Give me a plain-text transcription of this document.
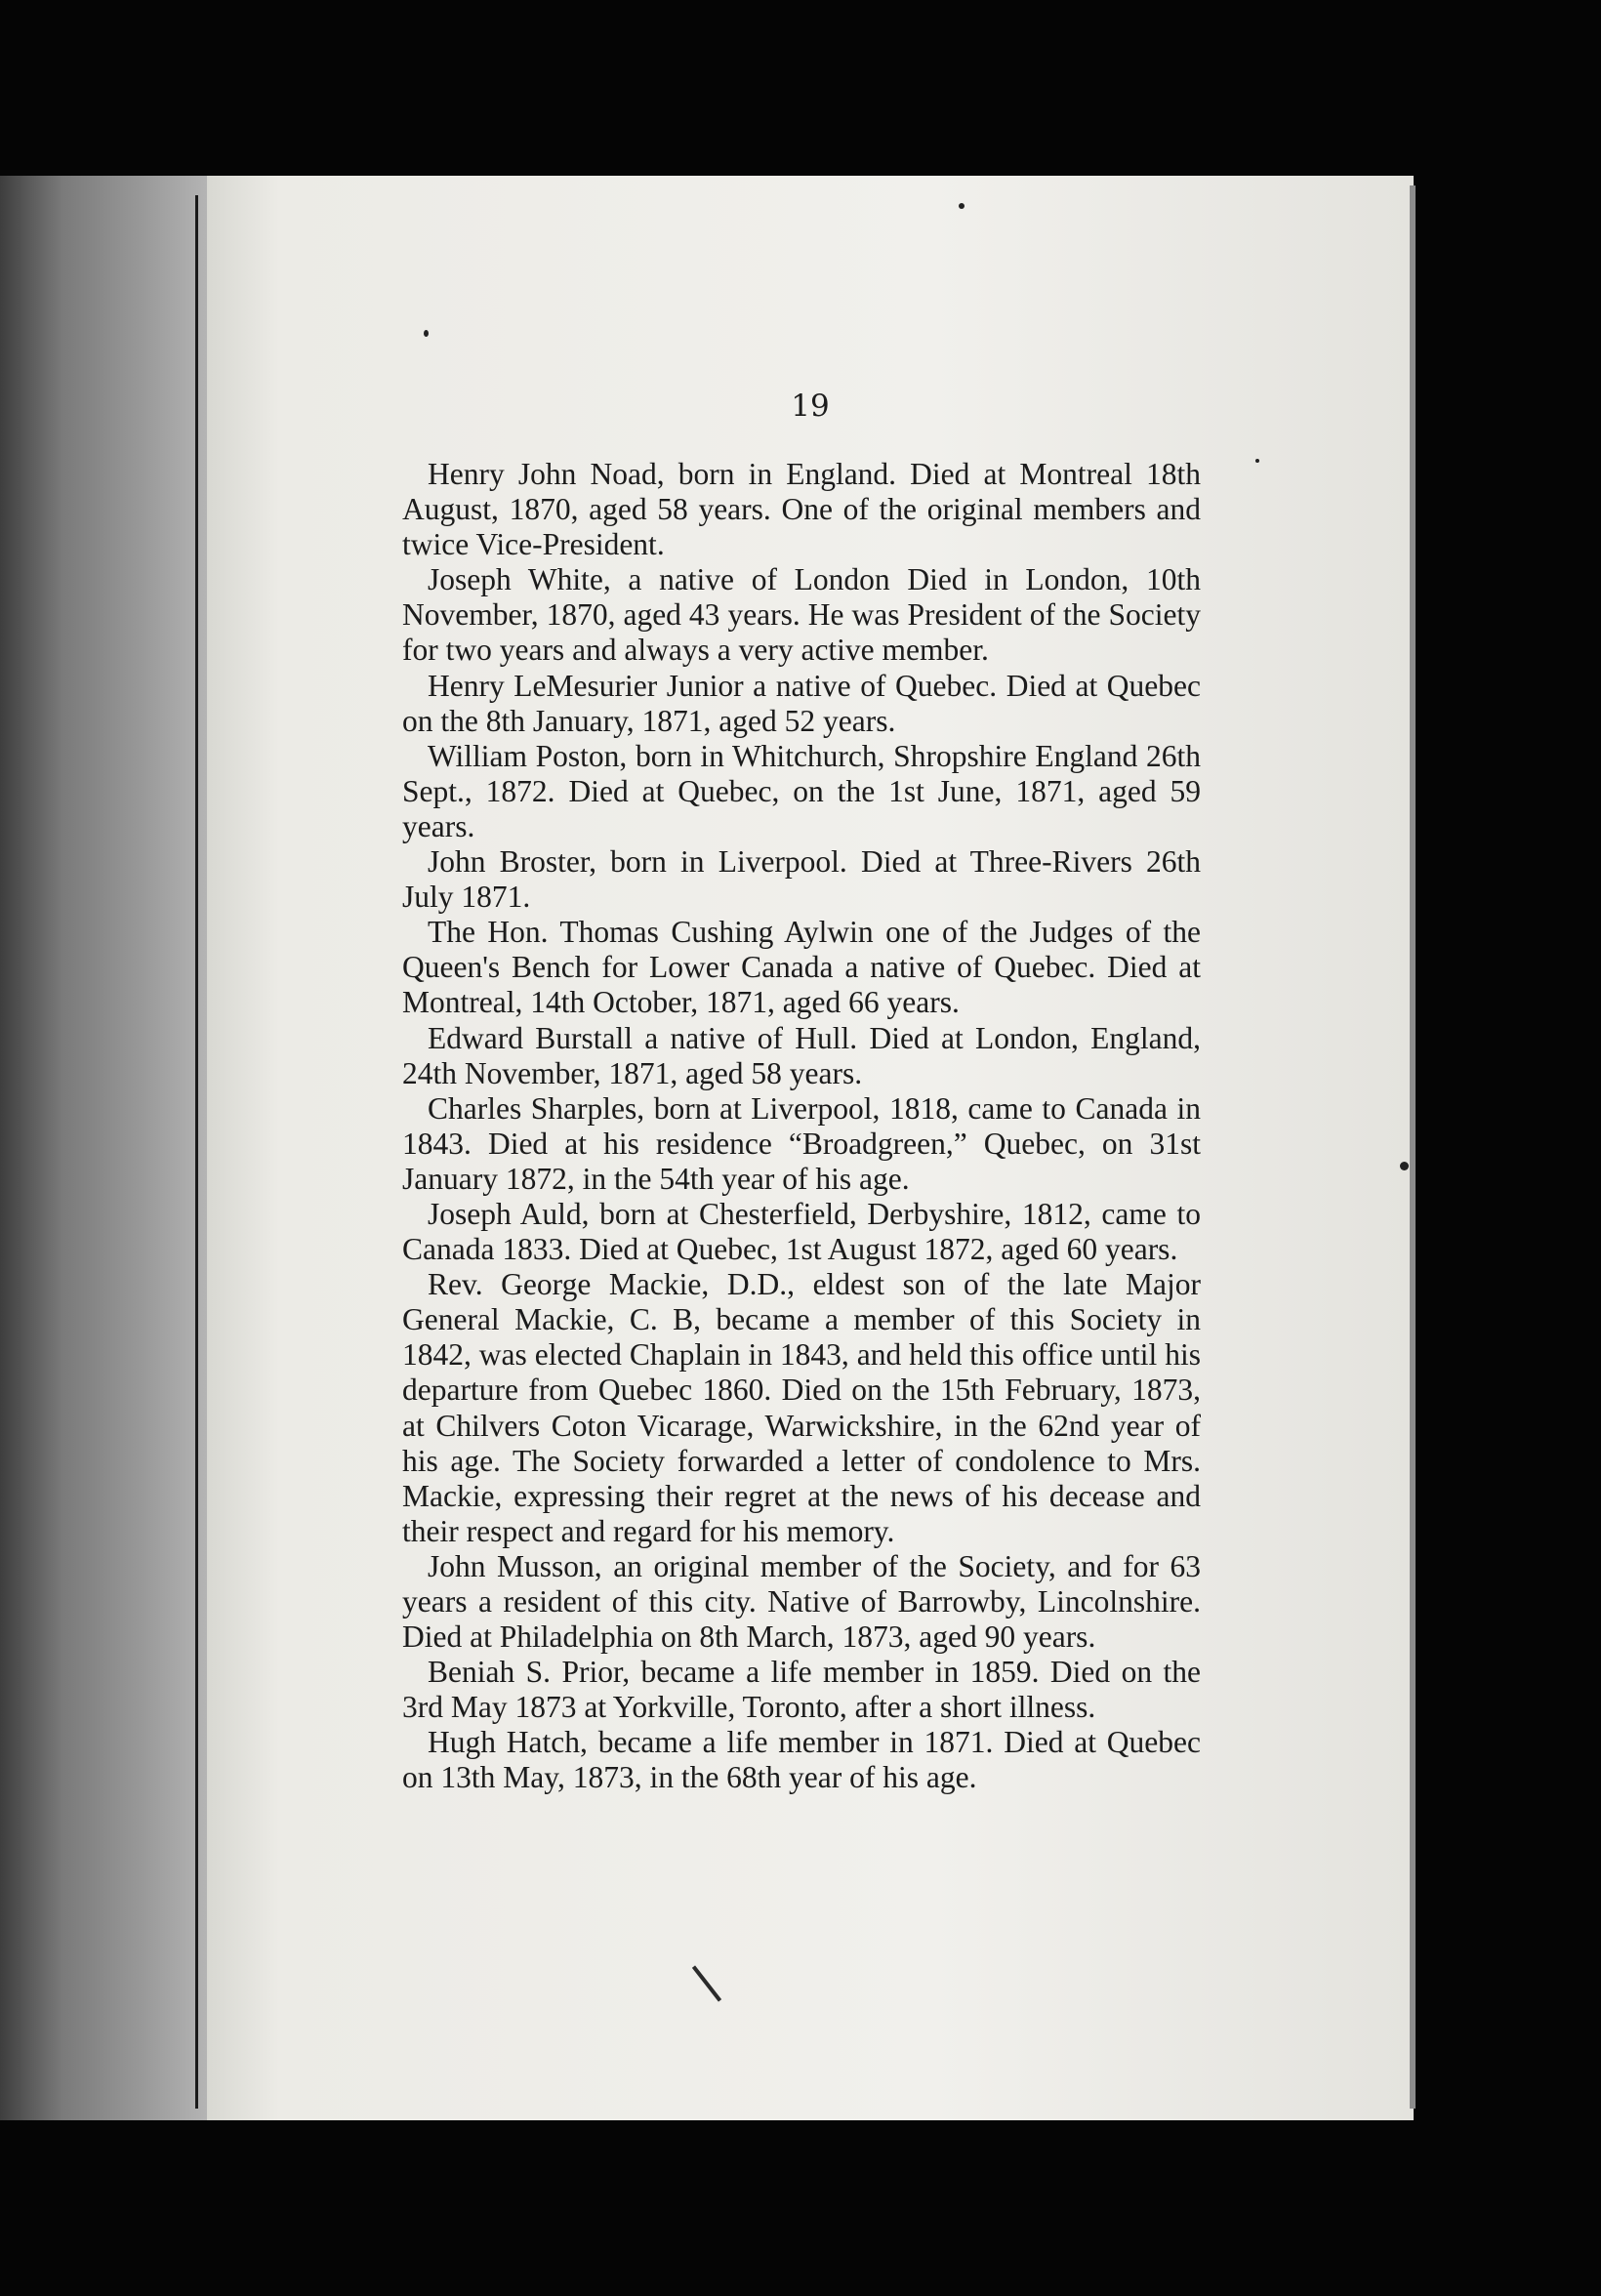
19

Henry John Noad, born in England. Died at Montreal 18th August, 1870, aged 58 years. One of the original members and twice Vice-President.

Joseph White, a native of London Died in London, 10th November, 1870, aged 43 years. He was President of the Society for two years and always a very active member.

Henry LeMesurier Junior a native of Quebec. Died at Quebec on the 8th January, 1871, aged 52 years.

William Poston, born in Whitchurch, Shropshire England 26th Sept., 1872. Died at Quebec, on the 1st June, 1871, aged 59 years.

John Broster, born in Liverpool. Died at Three-Rivers 26th July 1871.

The Hon. Thomas Cushing Aylwin one of the Judges of the Queen's Bench for Lower Canada a native of Quebec. Died at Montreal, 14th October, 1871, aged 66 years.

Edward Burstall a native of Hull. Died at London, England, 24th November, 1871, aged 58 years.

Charles Sharples, born at Liverpool, 1818, came to Canada in 1843. Died at his residence “Broadgreen,” Quebec, on 31st January 1872, in the 54th year of his age.

Joseph Auld, born at Chesterfield, Derbyshire, 1812, came to Canada 1833. Died at Quebec, 1st August 1872, aged 60 years.

Rev. George Mackie, D.D., eldest son of the late Major General Mackie, C. B, became a member of this Society in 1842, was elected Chaplain in 1843, and held this office until his departure from Quebec 1860. Died on the 15th February, 1873, at Chilvers Coton Vicarage, Warwickshire, in the 62nd year of his age. The Society forwarded a letter of condolence to Mrs. Mackie, expressing their regret at the news of his decease and their respect and regard for his memory.

John Musson, an original member of the Society, and for 63 years a resident of this city. Native of Barrowby, Lincolnshire. Died at Philadelphia on 8th March, 1873, aged 90 years.

Beniah S. Prior, became a life member in 1859. Died on the 3rd May 1873 at Yorkville, Toronto, after a short illness.

Hugh Hatch, became a life member in 1871. Died at Quebec on 13th May, 1873, in the 68th year of his age.
